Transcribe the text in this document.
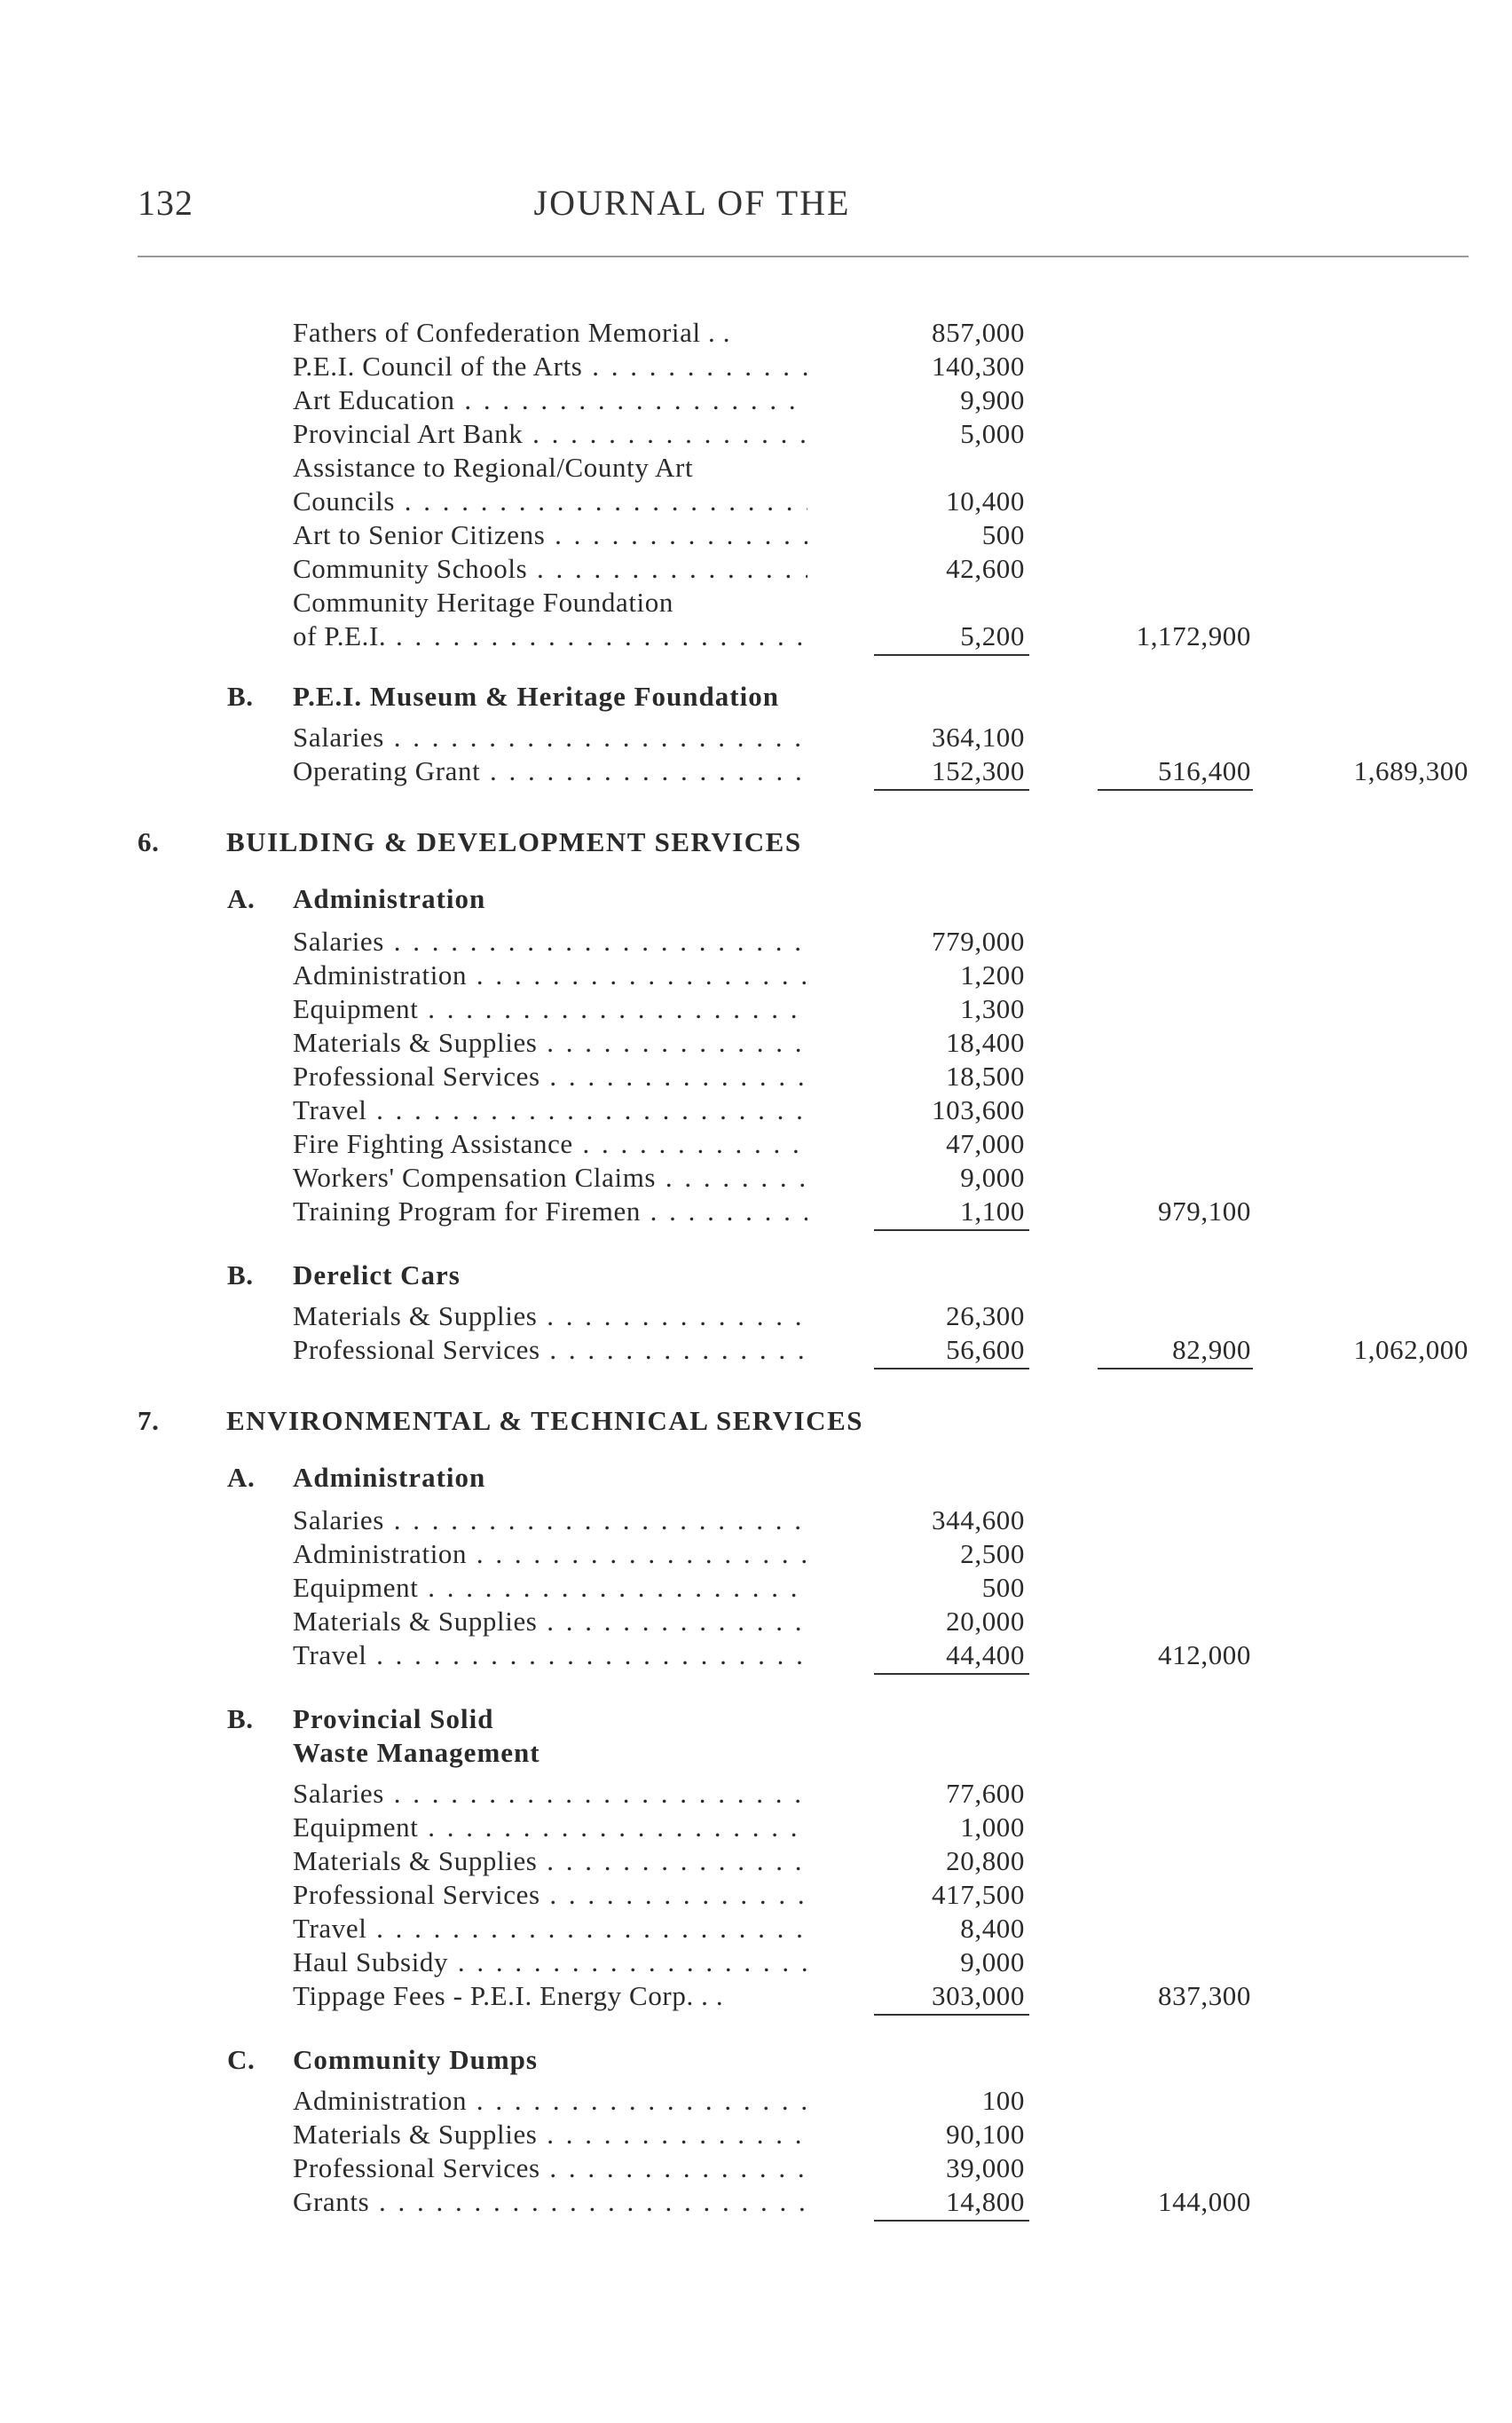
132	JOURNAL OF THE
Fathers of Confederation Memorial . .	857,000
P.E.I. Council of the Arts . . .	140,300
Art Education . . .	9,900
Provincial Art Bank . . .	5,000
Assistance to Regional/County Art
Councils . . .	10,400
Art to Senior Citizens . . .	500
Community Schools . . .	42,600
Community Heritage Foundation
of P.E.I. . . .	5,200	1,172,900
B. P.E.I. Museum & Heritage Foundation
Salaries . . .	364,100
Operating Grant . . .	152,300	516,400	1,689,300
6. BUILDING & DEVELOPMENT SERVICES
A. Administration
Salaries . . .	779,000
Administration . . .	1,200
Equipment . . .	1,300
Materials & Supplies . . .	18,400
Professional Services . . .	18,500
Travel . . .	103,600
Fire Fighting Assistance . . .	47,000
Workers' Compensation Claims . . .	9,000
Training Program for Firemen . . .	1,100	979,100
B. Derelict Cars
Materials & Supplies . . .	26,300
Professional Services . . .	56,600	82,900	1,062,000
7. ENVIRONMENTAL & TECHNICAL SERVICES
A. Administration
Salaries . . .	344,600
Administration . . .	2,500
Equipment . . .	500
Materials & Supplies . . .	20,000
Travel . . .	44,400	412,000
B. Provincial Solid
Waste Management
Salaries . . .	77,600
Equipment . . .	1,000
Materials & Supplies . . .	20,800
Professional Services . . .	417,500
Travel . . .	8,400
Haul Subsidy . . .	9,000
Tippage Fees - P.E.I. Energy Corp. . .	303,000	837,300
C. Community Dumps
Administration . . .	100
Materials & Supplies . . .	90,100
Professional Services . . .	39,000
Grants . . .	14,800	144,000
